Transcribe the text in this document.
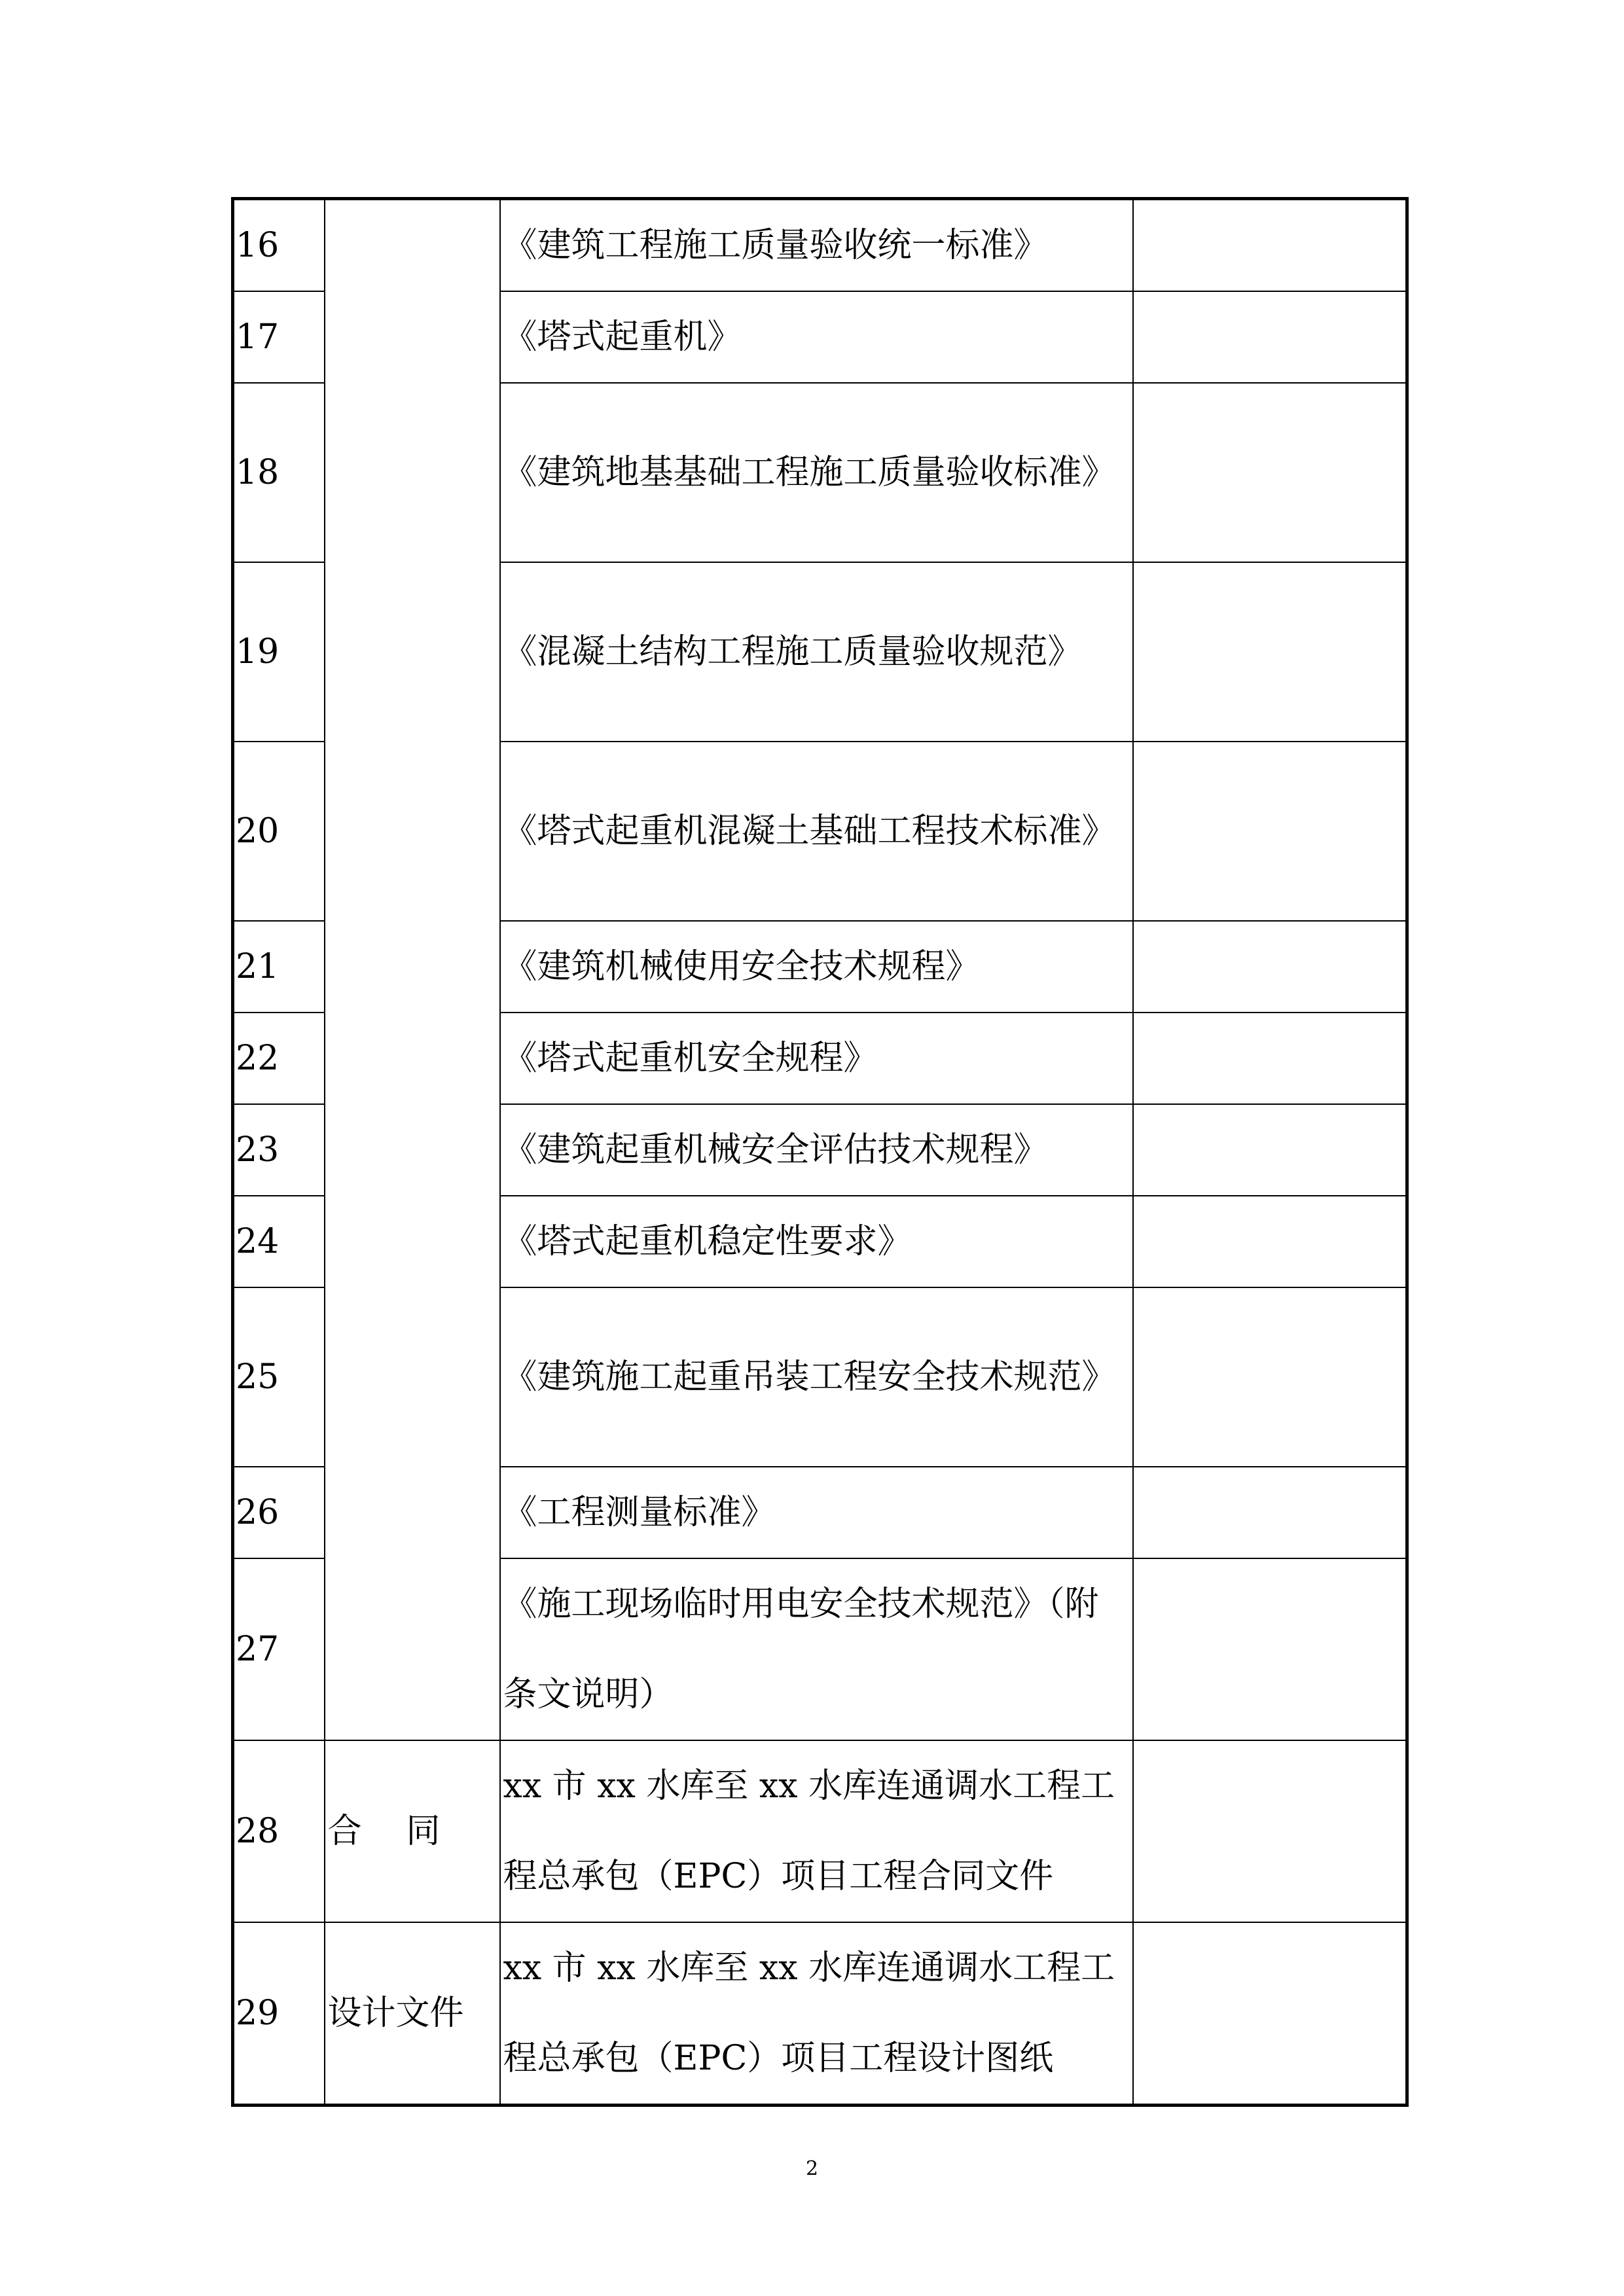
16		《建筑工程施工质量验收统一标准》	
17		《塔式起重机》	
18		《建筑地基基础工程施工质量验收标准》	
19		《混凝土结构工程施工质量验收规范》	
20		《塔式起重机混凝土基础工程技术标准》	
21		《建筑机械使用安全技术规程》	
22		《塔式起重机安全规程》	
23		《建筑起重机械安全评估技术规程》	
24		《塔式起重机稳定性要求》	
25		《建筑施工起重吊装工程安全技术规范》	
26		《工程测量标准》	
27		《施工现场临时用电安全技术规范》（附条文说明）	
28	合同	xx 市 xx 水库至 xx 水库连通调水工程工程总承包（EPC）项目工程合同文件	
29	设计文件	xx 市 xx 水库至 xx 水库连通调水工程工程总承包（EPC）项目工程设计图纸	
2
